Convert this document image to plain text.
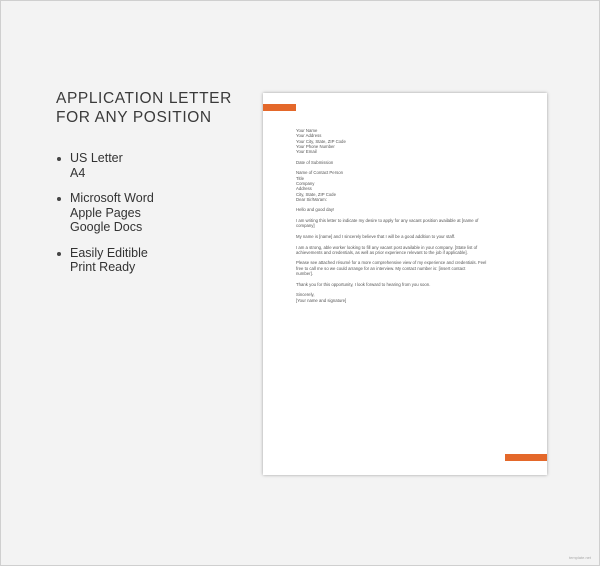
APPLICATION LETTER
FOR ANY POSITION
US Letter
A4
Microsoft Word
Apple Pages
Google Docs
Easily Editible
Print Ready
Your Name
Your Address
Your City, State, ZIP Code
Your Phone Number
Your Email
Date of Submission
Name of Contact Person
Title
Company
Address
City, State, ZIP Code
Dear Sir/Ma'am:
Hello and good day!
I am writing this letter to indicate my desire to apply for any vacant position available at [name of
company]
My name is [name] and I sincerely believe that I will be a good addition to your staff.
I am a strong, able worker looking to fill any vacant post available in your company. [State list of
achievements and credentials, as well as prior experience relevant to the job if applicable].
Please see attached résumé for a more comprehensive view of my experience and credentials. Feel
free to call me so we could arrange for an interview. My contact number is: [insert contact
number].
Thank you for this opportunity, I look forward to hearing from you soon.
Sincerely,
[Your name and signature]
template.net
